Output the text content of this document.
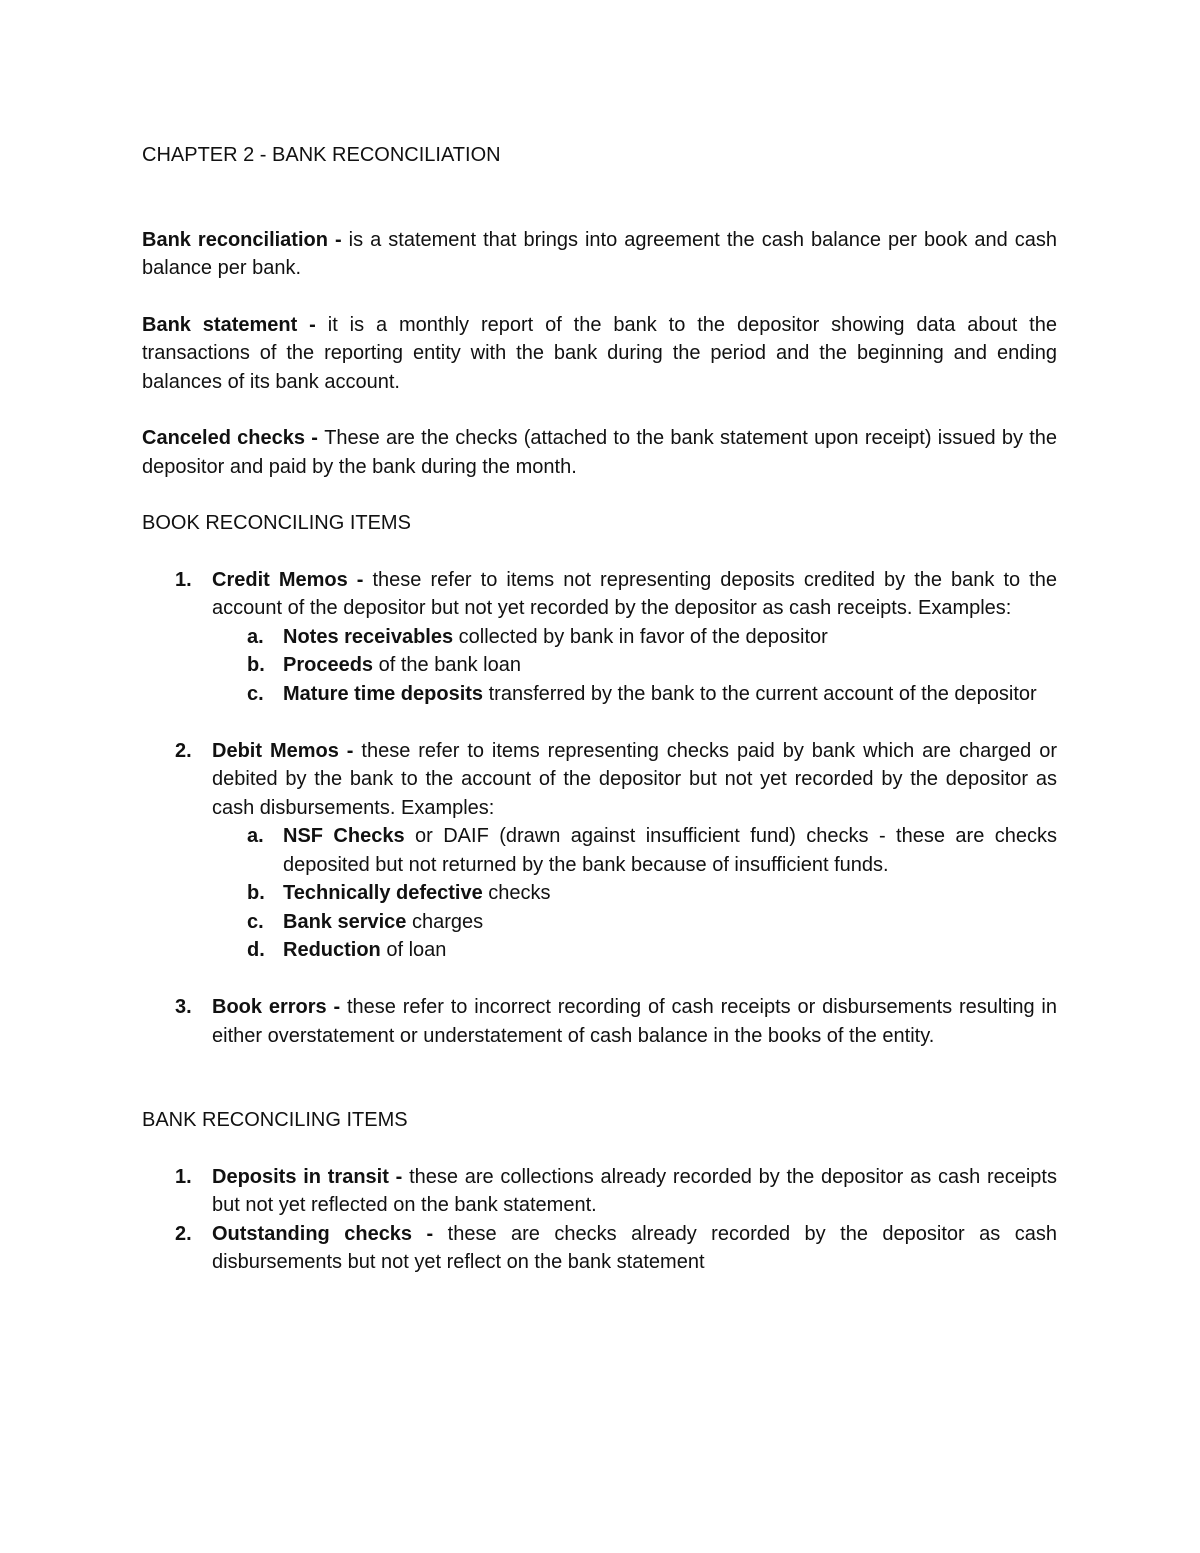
CHAPTER 2 - BANK RECONCILIATION

Bank reconciliation - is a statement that brings into agreement the cash balance per book and cash balance per bank.

Bank statement - it is a monthly report of the bank to the depositor showing data about the transactions of the reporting entity with the bank during the period and the beginning and ending balances of its bank account.

Canceled checks - These are the checks (attached to the bank statement upon receipt) issued by the depositor and paid by the bank during the month.

BOOK RECONCILING ITEMS
1. Credit Memos - these refer to items not representing deposits credited by the bank to the account of the depositor but not yet recorded by the depositor as cash receipts. Examples:
a. Notes receivables collected by bank in favor of the depositor
b. Proceeds of the bank loan
c. Mature time deposits transferred by the bank to the current account of the depositor
2. Debit Memos - these refer to items representing checks paid by bank which are charged or debited by the bank to the account of the depositor but not yet recorded by the depositor as cash disbursements. Examples:
a. NSF Checks or DAIF (drawn against insufficient fund) checks - these are checks deposited but not returned by the bank because of insufficient funds.
b. Technically defective checks
c. Bank service charges
d. Reduction of loan
3. Book errors - these refer to incorrect recording of cash receipts or disbursements resulting in either overstatement or understatement of cash balance in the books of the entity.
BANK RECONCILING ITEMS
1. Deposits in transit - these are collections already recorded by the depositor as cash receipts but not yet reflected on the bank statement.
2. Outstanding checks - these are checks already recorded by the depositor as cash disbursements but not yet reflect on the bank statement
